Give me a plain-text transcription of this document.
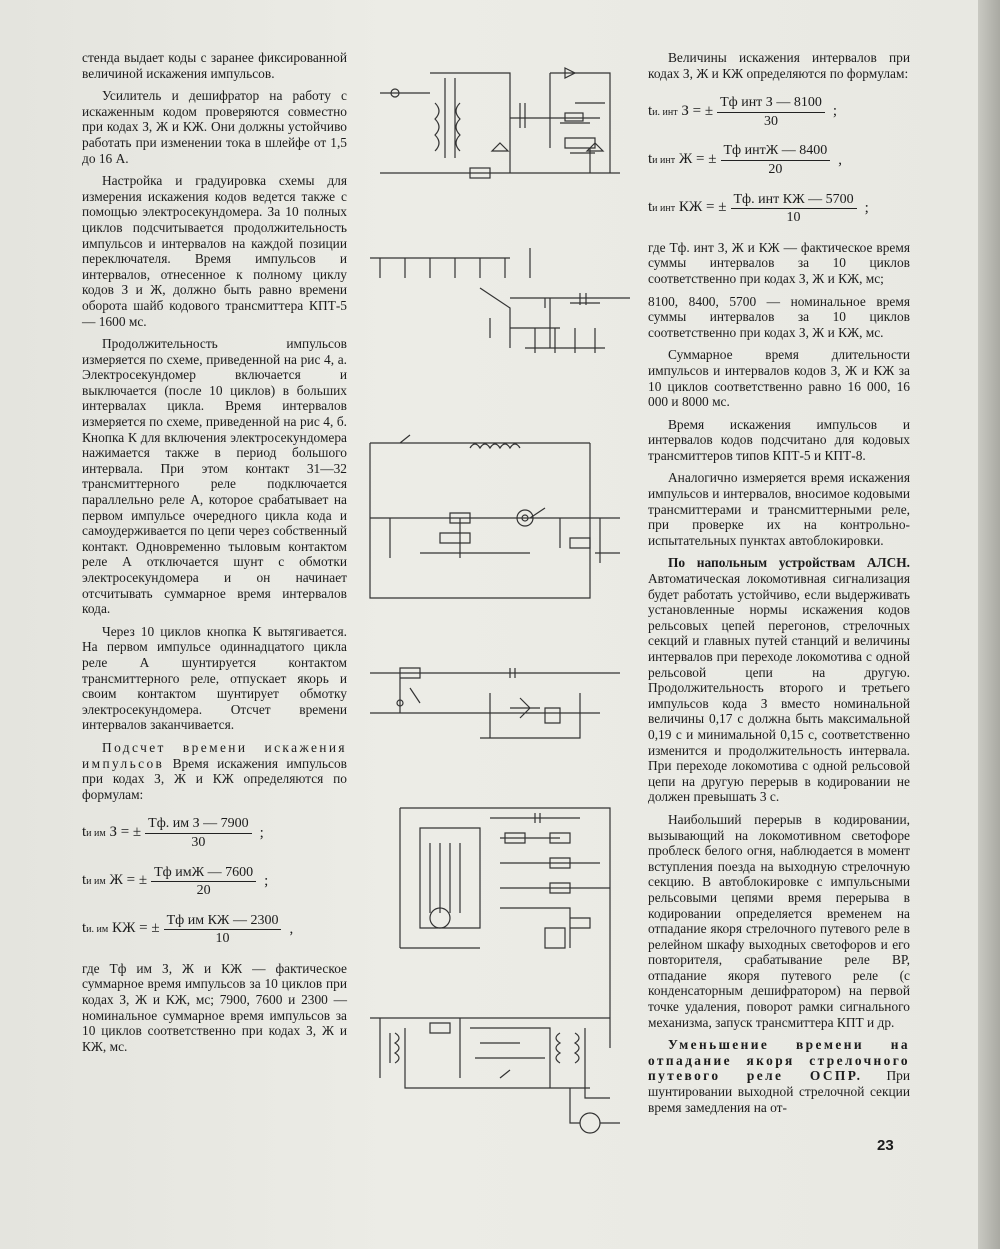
стенда выдает коды с заранее фиксированной величиной искажения импульсов.

Усилитель и дешифратор на работу с искаженным кодом проверяются совместно при кодах З, Ж и КЖ. Они должны устойчиво работать при изменении тока в шлейфе от 1,5 до 16 А.

Настройка и градуировка схемы для измерения искажения кодов ведется также с помощью электросекундомера. За 10 полных циклов подсчитывается продолжительность импульсов и интервалов на каждой позиции переключателя. Время импульсов и интервалов, отнесенное к полному циклу кодов З и Ж, должно быть равно времени оборота шайб кодового трансмиттера КПТ-5 — 1600 мс.

Продолжительность импульсов измеряется по схеме, приведенной на рис 4, а. Электросекундомер включается и выключается (после 10 циклов) в больших интервалах цикла. Время интервалов измеряется по схеме, приведенной на рис 4, б. Кнопка К для включения электросекундомера нажимается также в период большого интервала. При этом контакт 31—32 трансмиттерного реле подключается параллельно реле А, которое срабатывает на первом импульсе очередного цикла кода и самоудерживается по цепи через собственный контакт. Одновременно тыловым контактом реле А отключается шунт с обмотки электросекундомера и он начинает отсчитывать суммарное время интервалов кода.

Через 10 циклов кнопка К вытягивается. На первом импульсе одиннадцатого цикла реле А шунтируется контактом трансмиттерного реле, отпускает якорь и своим контактом шунтирует обмотку электросекундомера. Отсчет времени интервалов заканчивается.

Подсчет времени искажения импульсов Время искажения импульсов при кодах З, Ж и КЖ определяются по формулам:

tи им З = ± $\frac{\text{Tф. им З — 7900}}{30}$ ;
tи им Ж = ± $\frac{\text{Tф имЖ — 7600}}{20}$ ;
tи. им КЖ = ± $\frac{\text{Tф им КЖ — 2300}}{10}$ ,

где Тф им З, Ж и КЖ — фактическое суммарное время импульсов за 10 циклов при кодах З, Ж и КЖ, мс; 7900, 7600 и 2300 — номинальное суммарное время импульсов за 10 циклов соответственно при кодах З, Ж и КЖ, мс.

Величины искажения интервалов при кодах З, Ж и КЖ определяются по формулам:

tи. инт З = ± $\frac{\text{Tф инт З — 8100}}{30}$ ;
tи инт Ж = ± $\frac{\text{Tф интЖ — 8400}}{20}$ ,
tи инт КЖ = ± $\frac{\text{Tф. инт КЖ — 5700}}{10}$ ;

где Тф. инт З, Ж и КЖ — фактическое время суммы интервалов за 10 циклов соответственно при кодах З, Ж и КЖ, мс;

8100, 8400, 5700 — номинальное время суммы интервалов за 10 циклов соответственно при кодах З, Ж и КЖ, мс.

Суммарное время длительности импульсов и интервалов кодов З, Ж и КЖ за 10 циклов соответственно равно 16 000, 16 000 и 8000 мс.

Время искажения импульсов и интервалов кодов подсчитано для кодовых трансмиттеров типов КПТ-5 и КПТ-8.

Аналогично измеряется время искажения импульсов и интервалов, вносимое кодовыми трансмиттерами и трансмиттерными реле, при проверке их на контрольно-испытательных пунктах автоблокировки.

По напольным устройствам АЛСН. Автоматическая локомотивная сигнализация будет работать устойчиво, если выдерживать установленные нормы искажения кодов рельсовых цепей перегонов, стрелочных секций и главных путей станций и величины интервалов при переходе локомотива с одной рельсовой цепи на другую. Продолжительность второго и третьего импульсов кода З вместо номинальной величины 0,17 с должна быть максимальной 0,19 с и минимальной 0,15 с, соответственно изменится и продолжительность интервала. При переходе локомотива с одной рельсовой цепи на другую перерыв в кодировании не должен превышать 3 с.

Наибольший перерыв в кодировании, вызывающий на локомотивном светофоре проблеск белого огня, наблюдается в момент вступления поезда на выходную стрелочную секцию. В автоблокировке с импульсными рельсовыми цепями время перерыва в кодировании определяется временем на отпадание якоря стрелочного путевого реле в релейном шкафу выходных светофоров и его повторителя, срабатывание реле ВР, отпадание якоря путевого реле (с конденсаторным дешифратором) на первой точке удаления, поворот рамки сигнального механизма, запуск трансмиттера КПТ и др.

Уменьшение времени на отпадание якоря стрелочного путевого реле ОСПР. При шунтировании выходной стрелочной секции время замедления на от-

23
